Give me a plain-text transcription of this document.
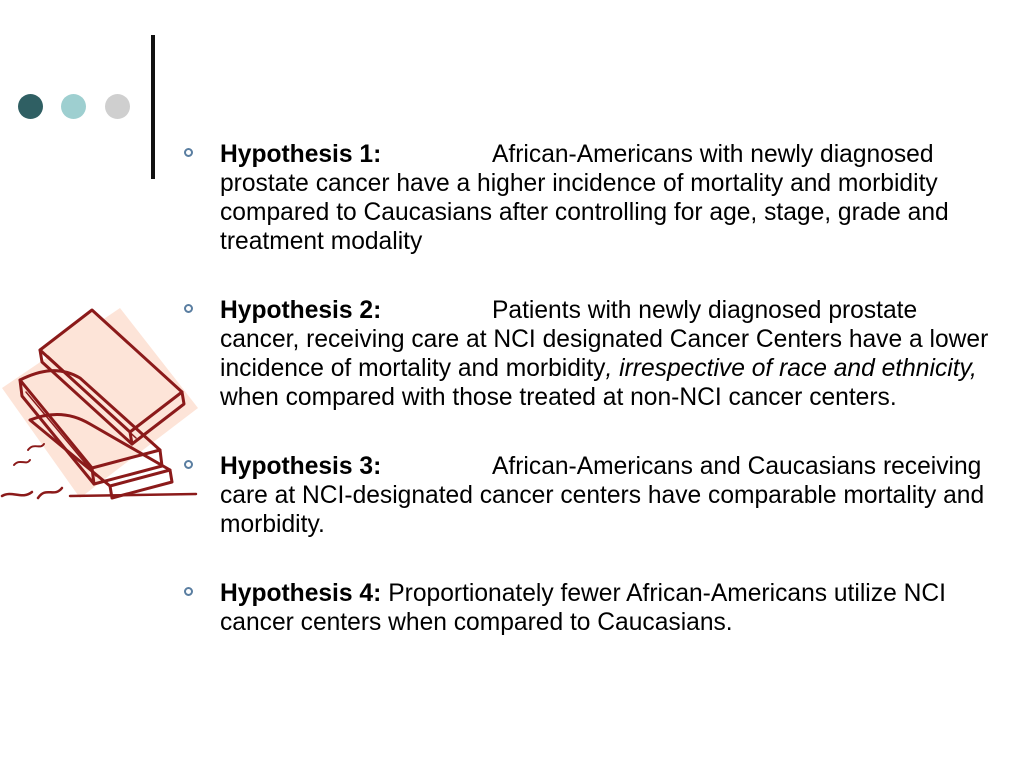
Hypothesis 1:	African-Americans with newly diagnosed prostate cancer have a higher incidence of mortality and morbidity compared to Caucasians after controlling for age, stage, grade and treatment modality
Hypothesis 2:	Patients with newly diagnosed prostate cancer, receiving care at NCI designated Cancer Centers have a lower incidence of mortality and morbidity, irrespective of race and ethnicity, when compared with those treated at non-NCI cancer centers.
Hypothesis 3:	African-Americans and Caucasians receiving care at NCI-designated cancer centers have comparable mortality and morbidity.
Hypothesis 4: Proportionately fewer African-Americans utilize NCI cancer centers when compared to Caucasians.
